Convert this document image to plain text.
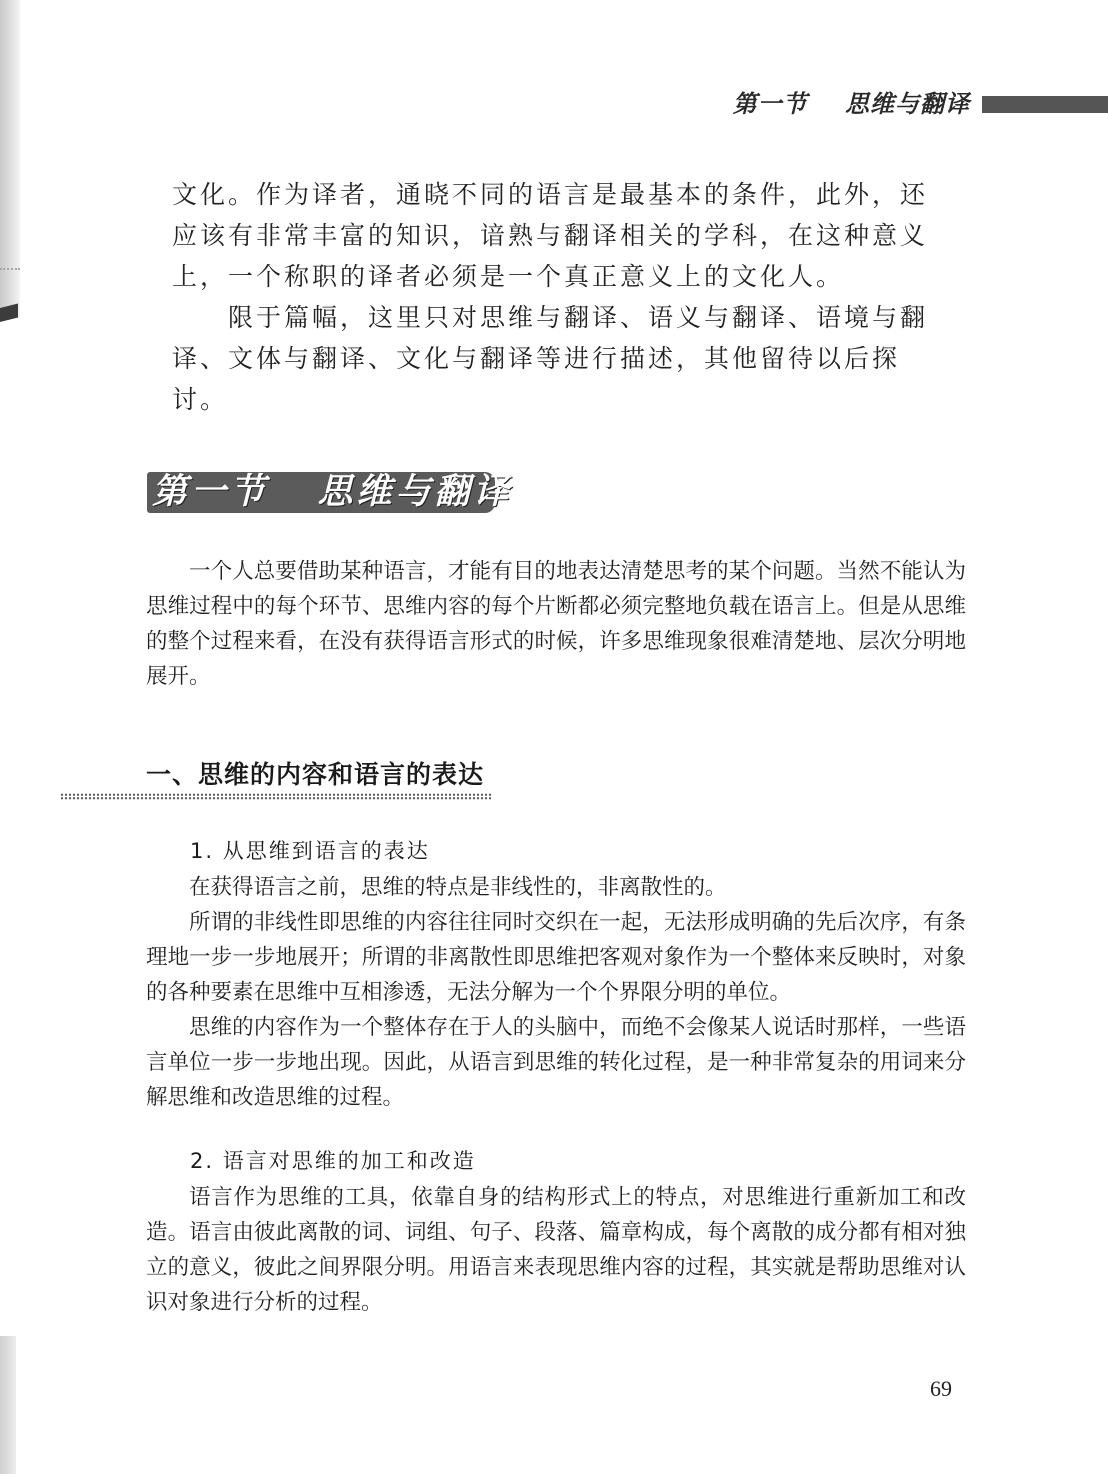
第一节    思维与翻译

文化。作为译者，通晓不同的语言是最基本的条件，此外，还应该有非常丰富的知识，谙熟与翻译相关的学科，在这种意义上，一个称职的译者必须是一个真正意义上的文化人。

限于篇幅，这里只对思维与翻译、语义与翻译、语境与翻译、文体与翻译、文化与翻译等进行描述，其他留待以后探讨。

第一节   思维与翻译

一个人总要借助某种语言，才能有目的地表达清楚思考的某个问题。当然不能认为思维过程中的每个环节、思维内容的每个片断都必须完整地负载在语言上。但是从思维的整个过程来看，在没有获得语言形式的时候，许多思维现象很难清楚地、层次分明地展开。

一、思维的内容和语言的表达
1. 从思维到语言的表达

在获得语言之前，思维的特点是非线性的，非离散性的。

所谓的非线性即思维的内容往往同时交织在一起，无法形成明确的先后次序，有条理地一步一步地展开；所谓的非离散性即思维把客观对象作为一个整体来反映时，对象的各种要素在思维中互相渗透，无法分解为一个个界限分明的单位。

思维的内容作为一个整体存在于人的头脑中，而绝不会像某人说话时那样，一些语言单位一步一步地出现。因此，从语言到思维的转化过程，是一种非常复杂的用词来分解思维和改造思维的过程。

2. 语言对思维的加工和改造

语言作为思维的工具，依靠自身的结构形式上的特点，对思维进行重新加工和改造。语言由彼此离散的词、词组、句子、段落、篇章构成，每个离散的成分都有相对独立的意义，彼此之间界限分明。用语言来表现思维内容的过程，其实就是帮助思维对认识对象进行分析的过程。

69
